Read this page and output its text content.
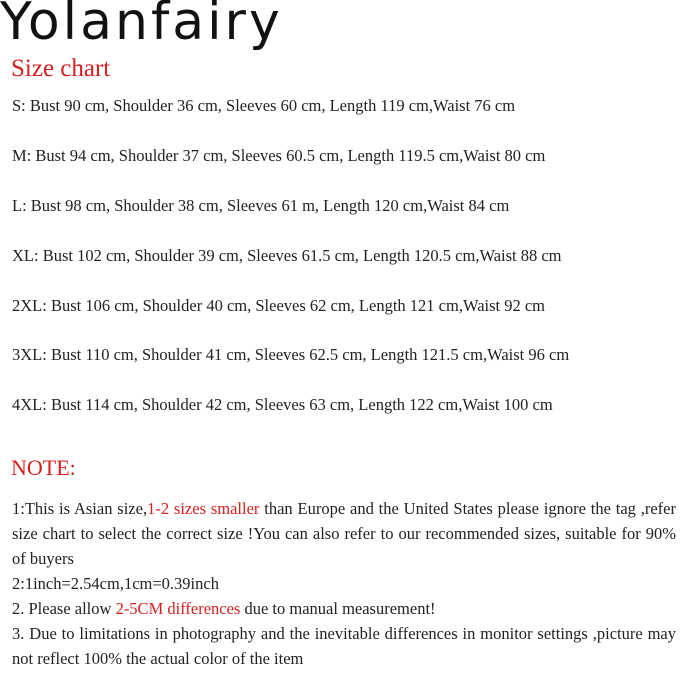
Yolanfairy
Size chart
S: Bust 90 cm, Shoulder 36 cm, Sleeves 60 cm, Length 119 cm,Waist 76 cm
M: Bust 94 cm, Shoulder 37 cm, Sleeves 60.5 cm, Length 119.5 cm,Waist 80 cm
L: Bust 98 cm, Shoulder 38 cm, Sleeves 61 m, Length 120 cm,Waist 84 cm
XL: Bust 102 cm, Shoulder 39 cm, Sleeves 61.5 cm, Length 120.5 cm,Waist 88 cm
2XL: Bust 106 cm, Shoulder 40 cm, Sleeves 62 cm, Length 121 cm,Waist 92 cm
3XL: Bust 110 cm, Shoulder 41 cm, Sleeves 62.5 cm, Length 121.5 cm,Waist 96 cm
4XL: Bust 114 cm, Shoulder 42 cm, Sleeves 63 cm, Length 122 cm,Waist 100 cm
NOTE:

1:This is Asian size,1-2 sizes smaller than Europe and the United States please ignore the tag ,refer size chart to select the correct size !You can also refer to our recommended sizes, suitable for 90% of buyers

2:1inch=2.54cm,1cm=0.39inch

2. Please allow 2-5CM differences due to manual measurement!

3. Due to limitations in photography and the inevitable differences in monitor settings ,picture may not reflect 100% the actual color of the item
